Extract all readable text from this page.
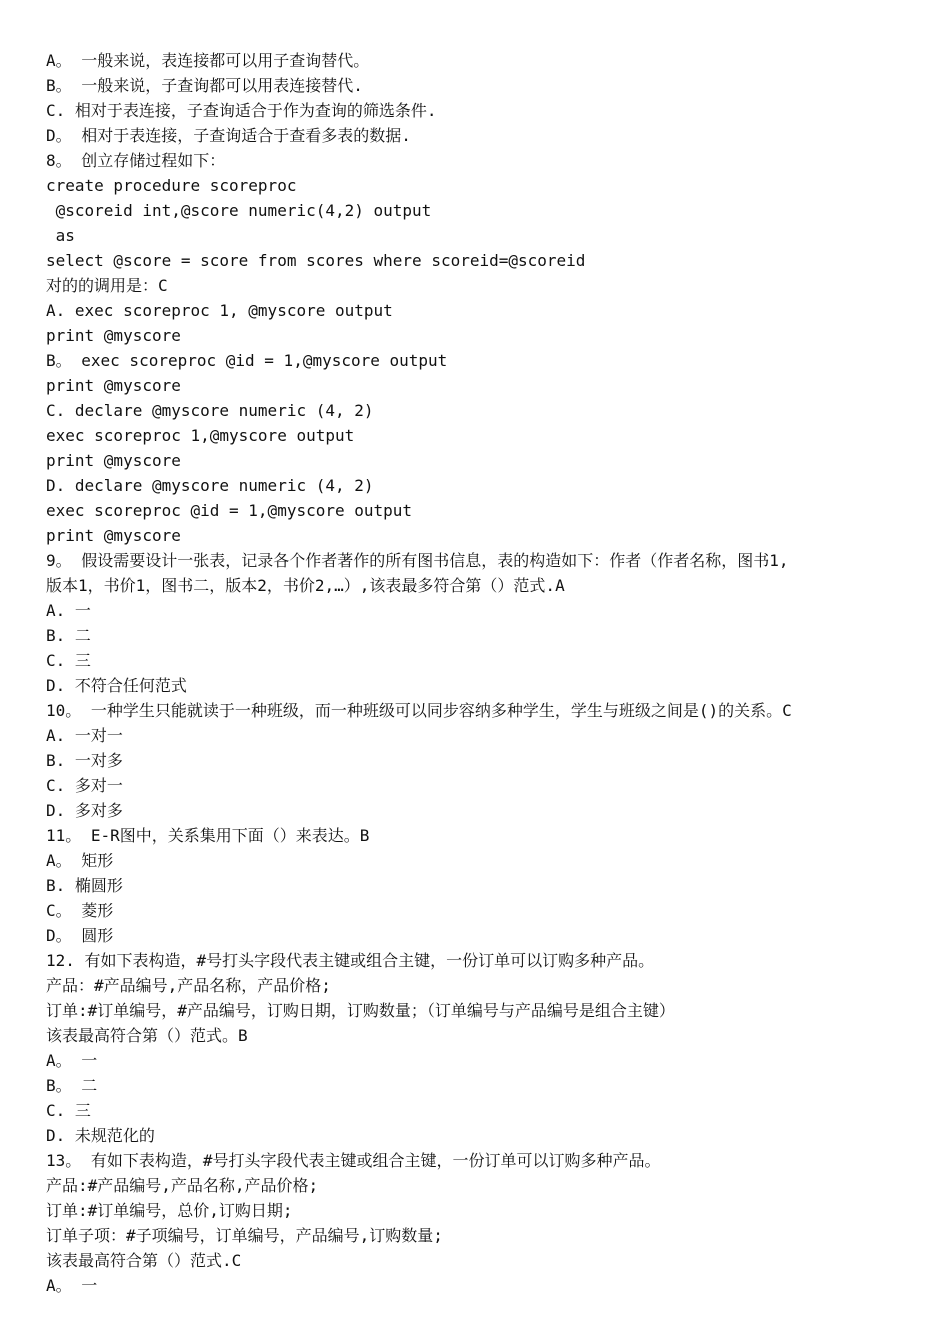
A。 一般来说，表连接都可以用子查询替代。
B。 一般来说，子查询都可以用表连接替代.
C. 相对于表连接，子查询适合于作为查询的筛选条件.
D。 相对于表连接，子查询适合于查看多表的数据.
8。 创立存储过程如下：
create procedure scoreproc
@scoreid int,@score numeric(4,2) output
as
select @score = score from scores where scoreid=@scoreid
对的的调用是：C
A. exec scoreproc 1, @myscore output
print @myscore
B。 exec scoreproc @id = 1,@myscore output
print @myscore
C. declare @myscore numeric (4, 2)
exec scoreproc 1,@myscore output
print @myscore
D. declare @myscore numeric (4, 2)
exec scoreproc @id = 1,@myscore output
print @myscore
9。 假设需要设计一张表，记录各个作者著作的所有图书信息，表的构造如下：作者（作者名称，图书1,
版本1，书价1，图书二，版本2，书价2,…）,该表最多符合第（）范式.A
A. 一
B. 二
C. 三
D. 不符合任何范式
10。 一种学生只能就读于一种班级，而一种班级可以同步容纳多种学生，学生与班级之间是()的关系。C
A. 一对一
B. 一对多
C. 多对一
D. 多对多
11。 E-R图中，关系集用下面（）来表达。B
A。 矩形
B. 椭圆形
C。 菱形
D。 圆形
12. 有如下表构造，#号打头字段代表主键或组合主键，一份订单可以订购多种产品。
产品：#产品编号,产品名称，产品价格;
订单:#订单编号，#产品编号，订购日期，订购数量；（订单编号与产品编号是组合主键）
该表最高符合第（）范式。B
A。 一
B。 二
C. 三
D. 未规范化的
13。 有如下表构造，#号打头字段代表主键或组合主键，一份订单可以订购多种产品。
产品:#产品编号,产品名称,产品价格;
订单:#订单编号，总价,订购日期;
订单子项：#子项编号，订单编号，产品编号,订购数量;
该表最高符合第（）范式.C
A。 一
